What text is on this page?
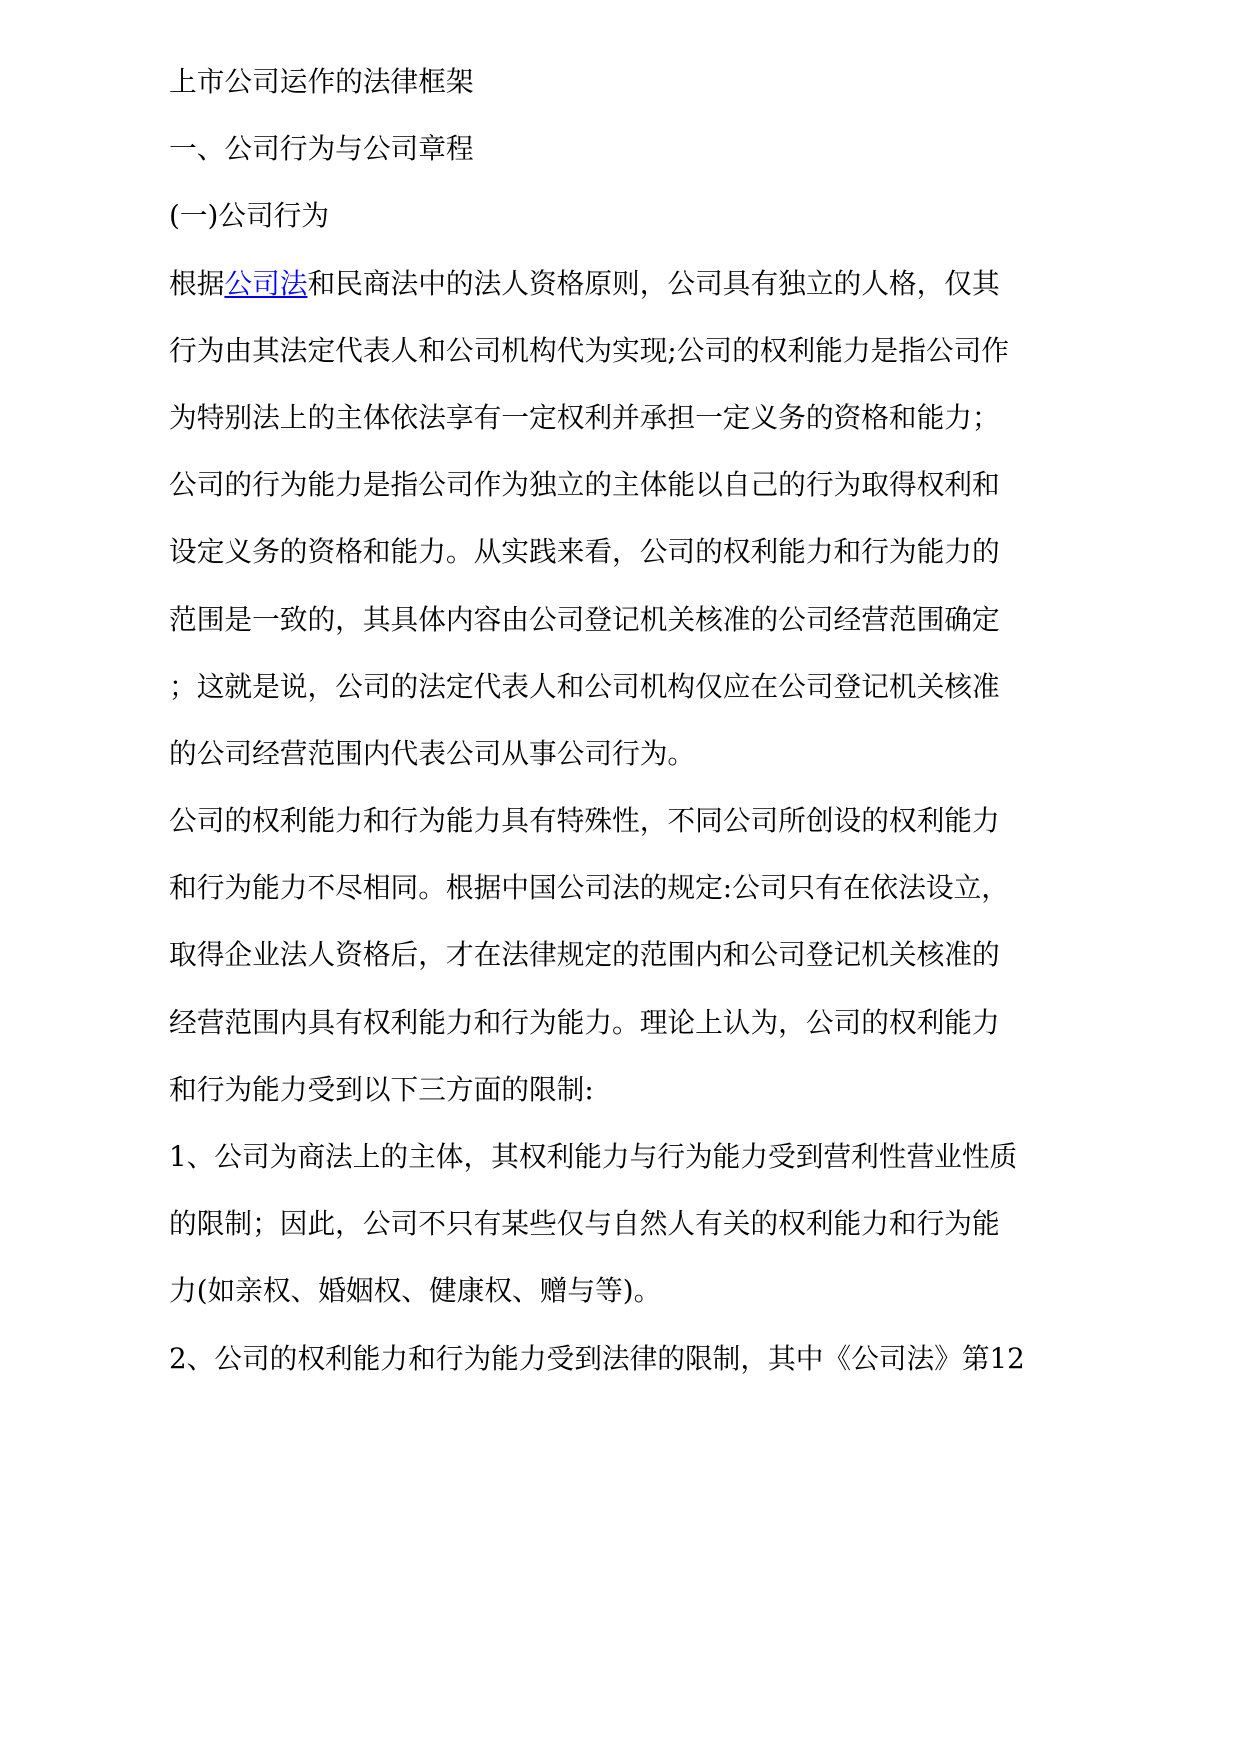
上市公司运作的法律框架
一、公司行为与公司章程
(一)公司行为
根据公司法和民商法中的法人资格原则，公司具有独立的人格，仅其
行为由其法定代表人和公司机构代为实现;公司的权利能力是指公司作
为特别法上的主体依法享有一定权利并承担一定义务的资格和能力；
公司的行为能力是指公司作为独立的主体能以自己的行为取得权利和
设定义务的资格和能力。从实践来看，公司的权利能力和行为能力的
范围是一致的，其具体内容由公司登记机关核准的公司经营范围确定
；这就是说，公司的法定代表人和公司机构仅应在公司登记机关核准
的公司经营范围内代表公司从事公司行为。
公司的权利能力和行为能力具有特殊性，不同公司所创设的权利能力
和行为能力不尽相同。根据中国公司法的规定:公司只有在依法设立，
取得企业法人资格后，才在法律规定的范围内和公司登记机关核准的
经营范围内具有权利能力和行为能力。理论上认为，公司的权利能力
和行为能力受到以下三方面的限制:
1、公司为商法上的主体，其权利能力与行为能力受到营利性营业性质
的限制；因此，公司不只有某些仅与自然人有关的权利能力和行为能
力(如亲权、婚姻权、健康权、赠与等)。
2、公司的权利能力和行为能力受到法律的限制，其中《公司法》第12
